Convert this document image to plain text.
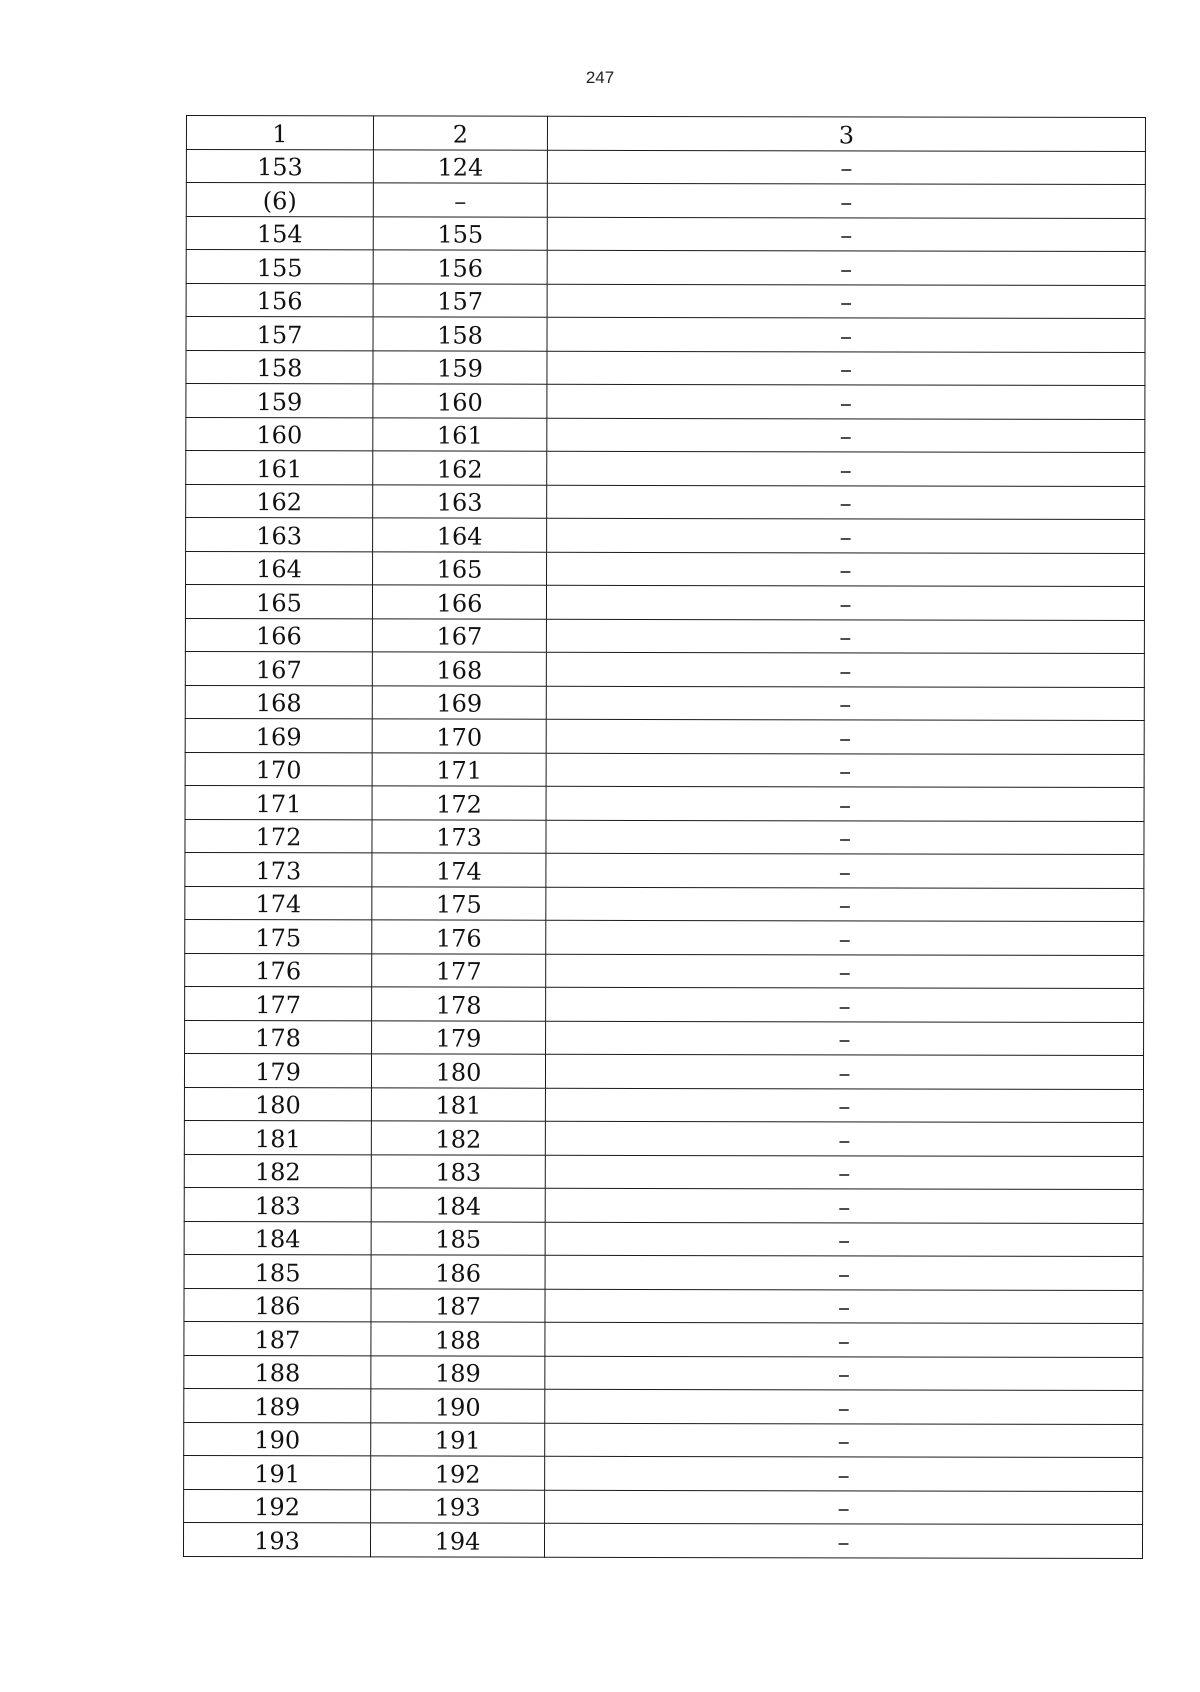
247
1	2	3
153	124	–
(6)	–	–
154	155	–
155	156	–
156	157	–
157	158	–
158	159	–
159	160	–
160	161	–
161	162	–
162	163	–
163	164	–
164	165	–
165	166	–
166	167	–
167	168	–
168	169	–
169	170	–
170	171	–
171	172	–
172	173	–
173	174	–
174	175	–
175	176	–
176	177	–
177	178	–
178	179	–
179	180	–
180	181	–
181	182	–
182	183	–
183	184	–
184	185	–
185	186	–
186	187	–
187	188	–
188	189	–
189	190	–
190	191	–
191	192	–
192	193	–
193	194	–
